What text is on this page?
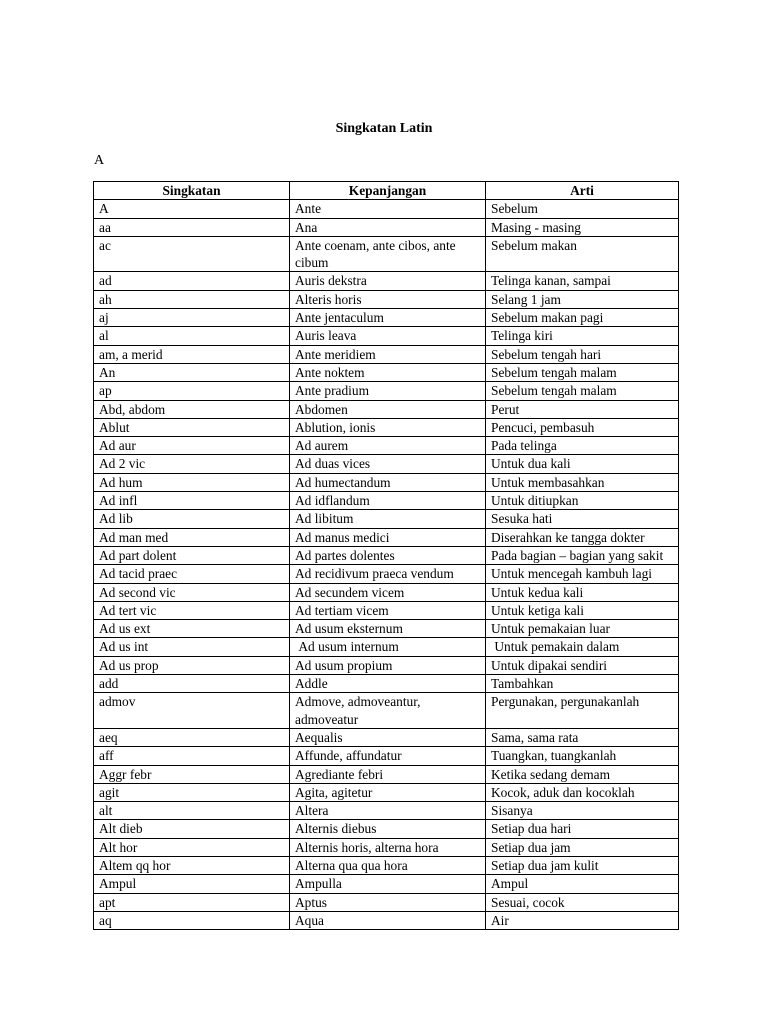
Singkatan Latin
A
Singkatan	Kepanjangan	Arti
A	Ante	Sebelum
aa	Ana	Masing - masing
ac	Ante coenam, ante cibos, ante cibum	Sebelum makan
ad	Auris dekstra	Telinga kanan, sampai
ah	Alteris horis	Selang 1 jam
aj	Ante jentaculum	Sebelum makan pagi
al	Auris leava	Telinga kiri
am, a merid	Ante meridiem	Sebelum tengah hari
An	Ante noktem	Sebelum tengah malam
ap	Ante pradium	Sebelum tengah malam
Abd, abdom	Abdomen	Perut
Ablut	Ablution, ionis	Pencuci, pembasuh
Ad aur	Ad aurem	Pada telinga
Ad 2 vic	Ad duas vices	Untuk dua kali
Ad hum	Ad humectandum	Untuk membasahkan
Ad infl	Ad idflandum	Untuk ditiupkan
Ad lib	Ad libitum	Sesuka hati
Ad man med	Ad manus medici	Diserahkan ke tangga dokter
Ad part dolent	Ad partes dolentes	Pada bagian – bagian yang sakit
Ad tacid praec	Ad recidivum praeca vendum	Untuk mencegah kambuh lagi
Ad second vic	Ad secundem vicem	Untuk kedua kali
Ad tert vic	Ad tertiam vicem	Untuk ketiga kali
Ad us ext	Ad usum eksternum	Untuk pemakaian luar
Ad us int	Ad usum internum	Untuk pemakain dalam
Ad us prop	Ad usum propium	Untuk dipakai sendiri
add	Addle	Tambahkan
admov	Admove, admoveantur, admoveatur	Pergunakan, pergunakanlah
aeq	Aequalis	Sama, sama rata
aff	Affunde, affundatur	Tuangkan, tuangkanlah
Aggr febr	Agrediante febri	Ketika sedang demam
agit	Agita, agitetur	Kocok, aduk dan kocoklah
alt	Altera	Sisanya
Alt dieb	Alternis diebus	Setiap dua hari
Alt hor	Alternis horis, alterna hora	Setiap dua jam
Altem qq hor	Alterna qua qua hora	Setiap dua jam kulit
Ampul	Ampulla	Ampul
apt	Aptus	Sesuai, cocok
aq	Aqua	Air
